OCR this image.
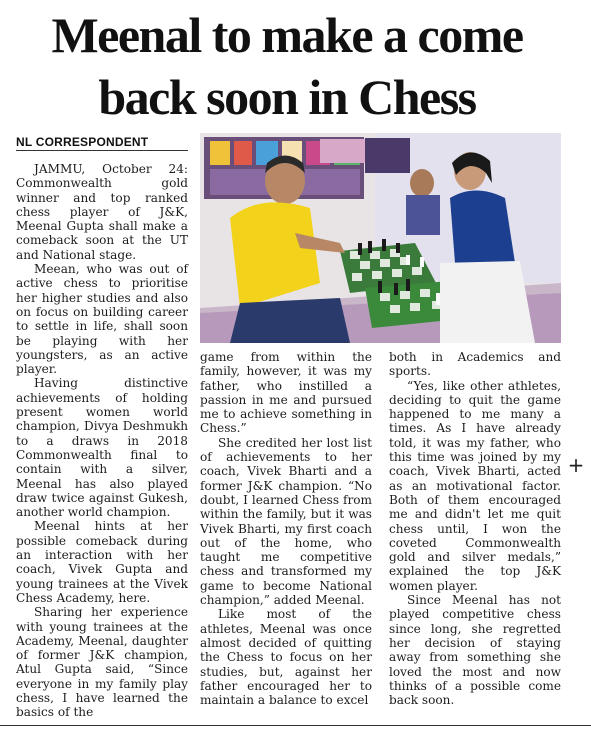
Meenal to make a come
back soon in Chess
NL CORRESPONDENT

JAMMU, October 24: Commonwealth gold winner and top ranked chess player of J&K, Meenal Gupta shall make a comeback soon at the UT and National stage.

Meean, who was out of active chess to prioritise her higher studies and also on focus on building career to settle in life, shall soon be playing with her youngsters, as an active player.

Having distinctive achievements of holding present women world champion, Divya Deshmukh to a draws in 2018 Commonwealth final to contain with a silver, Meenal has also played draw twice against Gukesh, another world champion.

Meenal hints at her possible comeback during an interaction with her coach, Vivek Gupta and young trainees at the Vivek Chess Academy, here.

Sharing her experience with young trainees at the Academy, Meenal, daughter of former J&K champion, Atul Gupta said, “Since everyone in my family play chess, I have learned the basics of the

game from within the family, however, it was my father, who instilled a passion in me and pursued me to achieve something in Chess.”

She credited her lost list of achievements to her coach, Vivek Bharti and a former J&K champion. “No doubt, I learned Chess from within the family, but it was Vivek Bharti, my first coach out of the home, who taught me competitive chess and transformed my game to become National champion,” added Meenal.

Like most of the athletes, Meenal was once almost decided of quitting the Chess to focus on her studies, but, against her father encouraged her to maintain a balance to excel

both in Academics and sports.

“Yes, like other athletes, deciding to quit the game happened to me many a times. As I have already told, it was my father, who this time was joined by my coach, Vivek Bharti, acted as an motivational factor. Both of them encouraged me and didn't let me quit chess until, I won the coveted Commonwealth gold and silver medals,” explained the top J&K women player.

Since Meenal has not played competitive chess since long, she regretted her decision of staying away from something she loved the most and now thinks of a possible come back soon.

+
